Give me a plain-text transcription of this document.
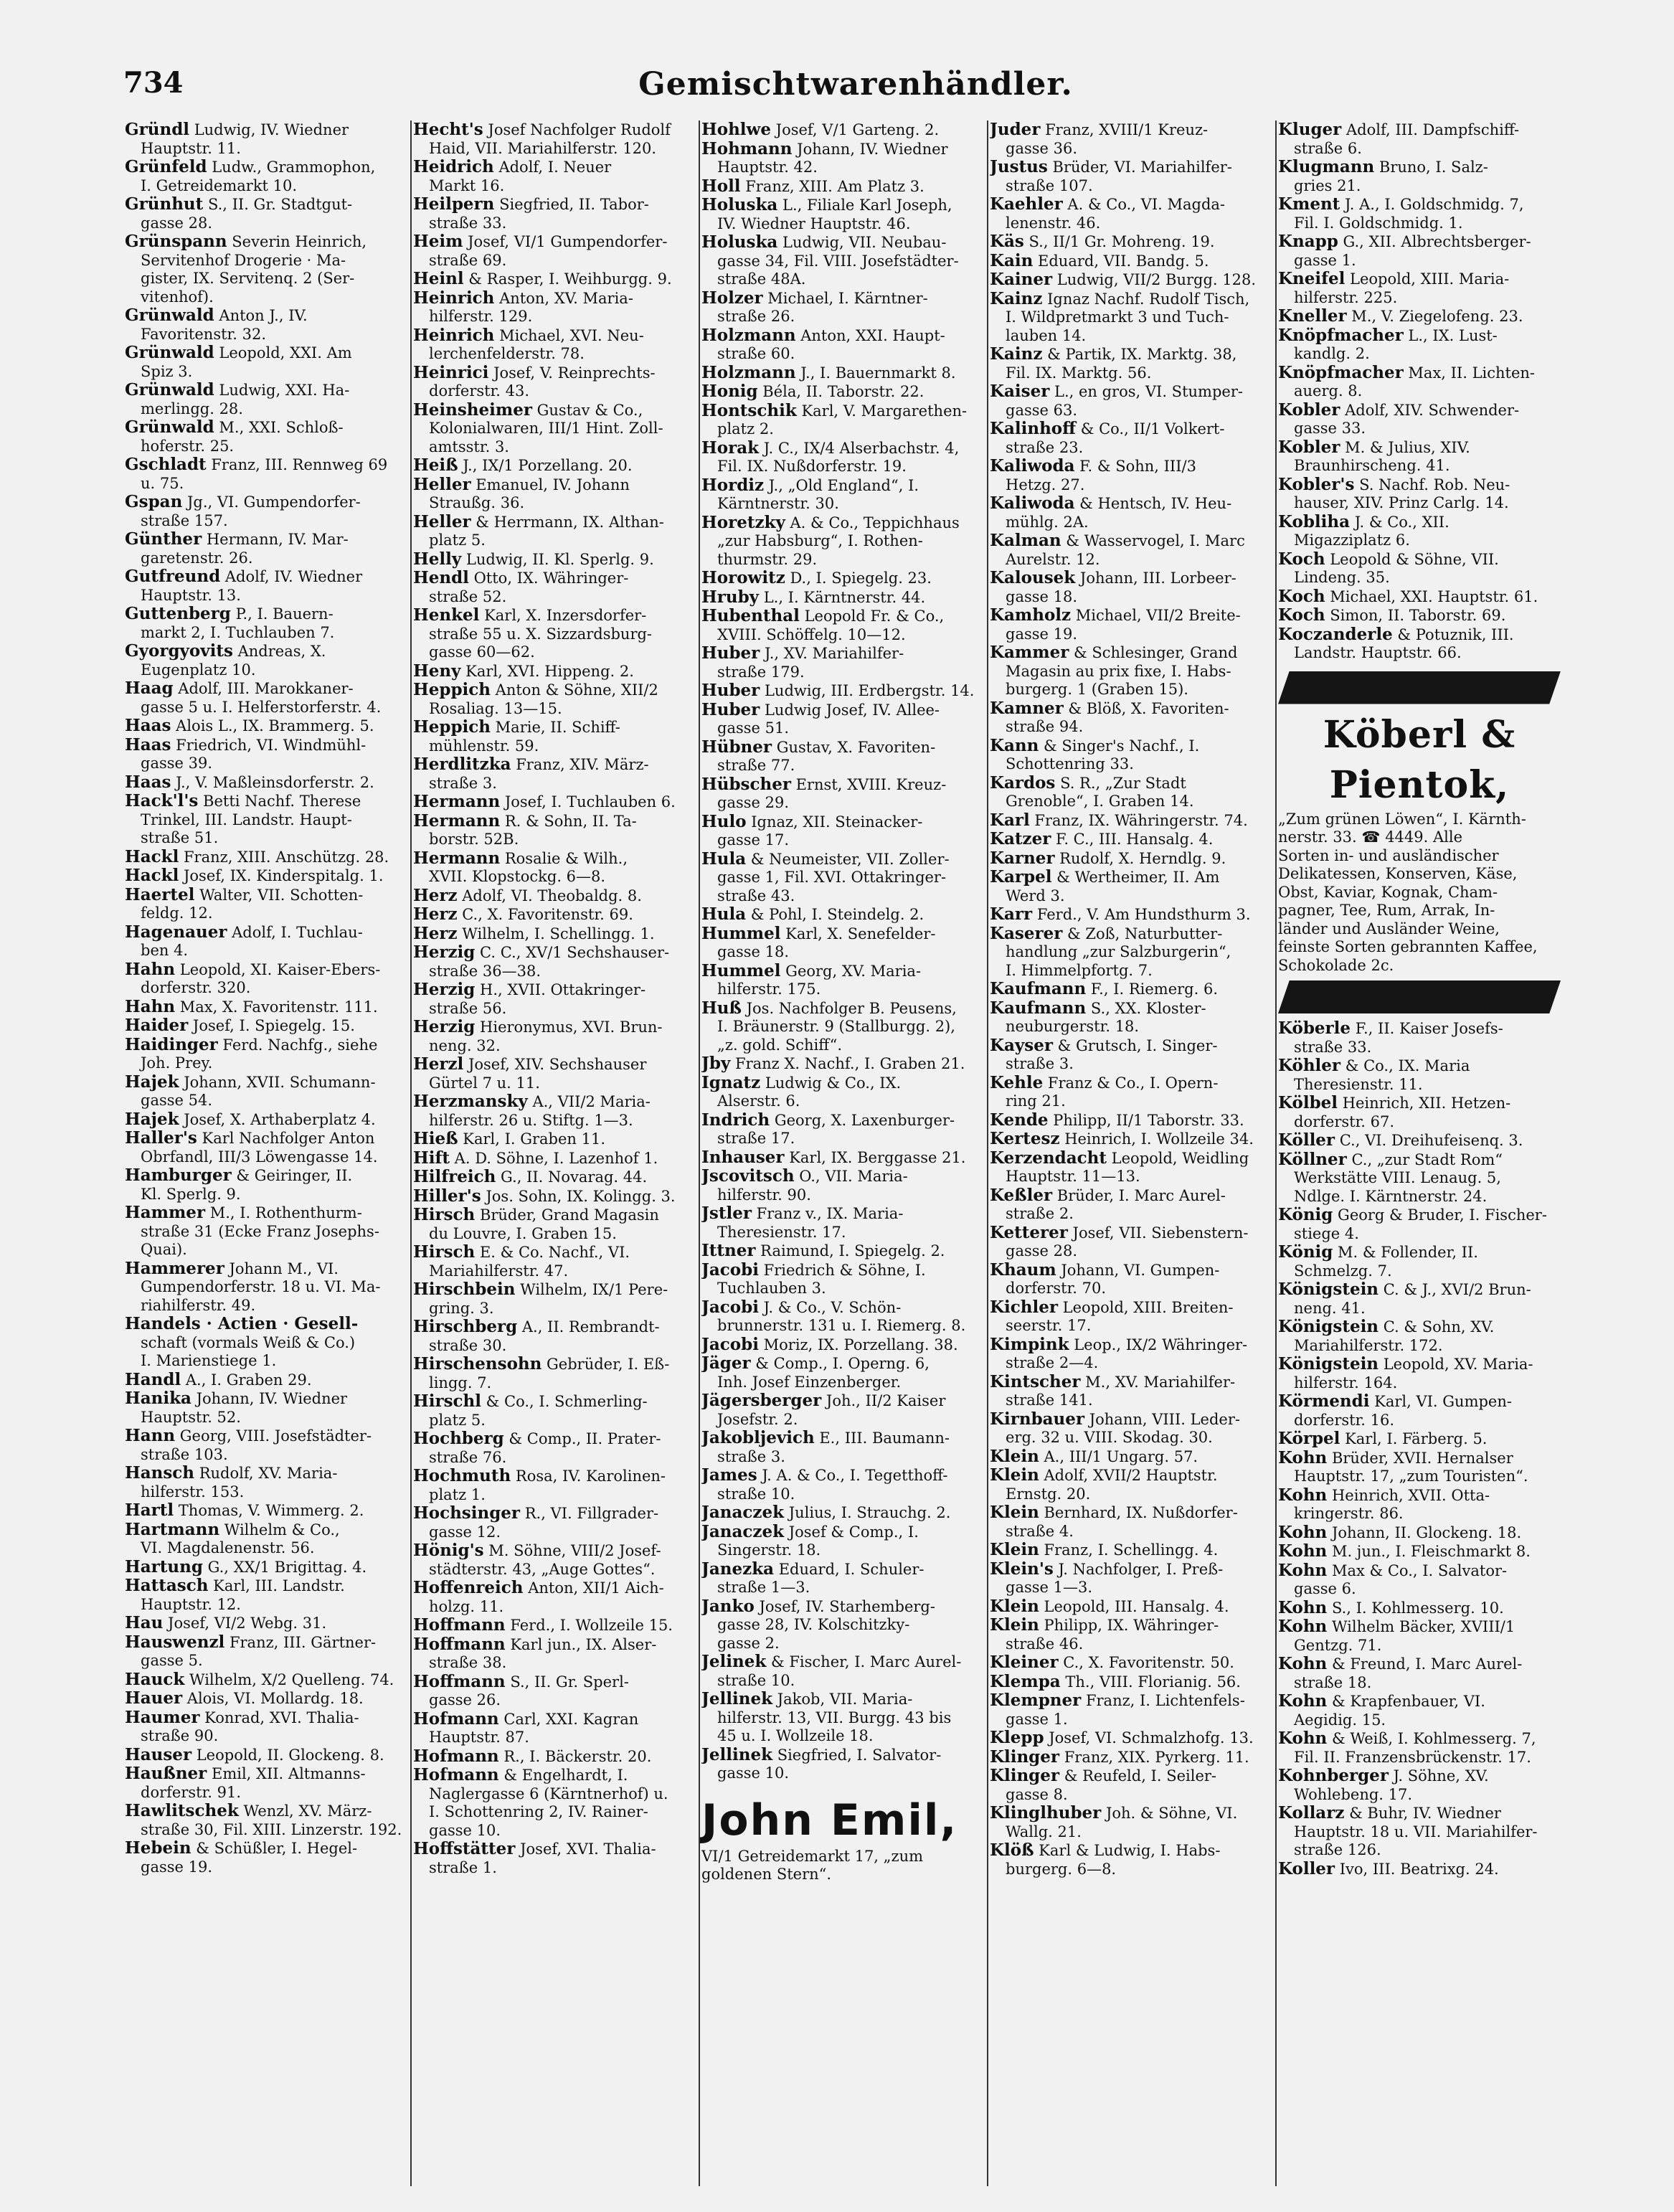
734	Gemischtwarenhändler.

Gründl Ludwig, IV. Wiedner

Hauptstr. 11.

Grünfeld Ludw., Grammophon,

I. Getreidemarkt 10.

Grünhut S., II. Gr. Stadtgut-

gasse 28.

Grünspann Severin Heinrich,

Servitenhof Drogerie · Ma-

gister, IX. Servitenq. 2 (Ser-

vitenhof).

Grünwald Anton J., IV.

Favoritenstr. 32.

Grünwald Leopold, XXI. Am

Spiz 3.

Grünwald Ludwig, XXI. Ha-

merlingg. 28.

Grünwald M., XXI. Schloß-

hoferstr. 25.

Gschladt Franz, III. Rennweg 69

u. 75.

Gspan Jg., VI. Gumpendorfer-

straße 157.

Günther Hermann, IV. Mar-

garetenstr. 26.

Gutfreund Adolf, IV. Wiedner

Hauptstr. 13.

Guttenberg P., I. Bauern-

markt 2, I. Tuchlauben 7.

Gyorgyovits Andreas, X.

Eugenplatz 10.

Haag Adolf, III. Marokkaner-

gasse 5 u. I. Helferstorferstr. 4.

Haas Alois L., IX. Brammerg. 5.

Haas Friedrich, VI. Windmühl-

gasse 39.

Haas J., V. Maßleinsdorferstr. 2.

Hack'l's Betti Nachf. Therese

Trinkel, III. Landstr. Haupt-

straße 51.

Hackl Franz, XIII. Anschützg. 28.

Hackl Josef, IX. Kinderspitalg. 1.

Haertel Walter, VII. Schotten-

feldg. 12.

Hagenauer Adolf, I. Tuchlau-

ben 4.

Hahn Leopold, XI. Kaiser-Ebers-

dorferstr. 320.

Hahn Max, X. Favoritenstr. 111.

Haider Josef, I. Spiegelg. 15.

Haidinger Ferd. Nachfg., siehe

Joh. Prey.

Hajek Johann, XVII. Schumann-

gasse 54.

Hajek Josef, X. Arthaberplatz 4.

Haller's Karl Nachfolger Anton

Obrfandl, III/3 Löwengasse 14.

Hamburger & Geiringer, II.

Kl. Sperlg. 9.

Hammer M., I. Rothenthurm-

straße 31 (Ecke Franz Josephs-

Quai).

Hammerer Johann M., VI.

Gumpendorferstr. 18 u. VI. Ma-

riahilferstr. 49.

Handels · Actien · Gesell-

schaft (vormals Weiß & Co.)

I. Marienstiege 1.

Handl A., I. Graben 29.

Hanika Johann, IV. Wiedner

Hauptstr. 52.

Hann Georg, VIII. Josefstädter-

straße 103.

Hansch Rudolf, XV. Maria-

hilferstr. 153.

Hartl Thomas, V. Wimmerg. 2.

Hartmann Wilhelm & Co.,

VI. Magdalenenstr. 56.

Hartung G., XX/1 Brigittag. 4.

Hattasch Karl, III. Landstr.

Hauptstr. 12.

Hau Josef, VI/2 Webg. 31.

Hauswenzl Franz, III. Gärtner-

gasse 5.

Hauck Wilhelm, X/2 Quelleng. 74.

Hauer Alois, VI. Mollardg. 18.

Haumer Konrad, XVI. Thalia-

straße 90.

Hauser Leopold, II. Glockeng. 8.

Haußner Emil, XII. Altmanns-

dorferstr. 91.

Hawlitschek Wenzl, XV. März-

straße 30, Fil. XIII. Linzerstr. 192.

Hebein & Schüßler, I. Hegel-

gasse 19.

Hecht's Josef Nachfolger Rudolf

Haid, VII. Mariahilferstr. 120.

Heidrich Adolf, I. Neuer

Markt 16.

Heilpern Siegfried, II. Tabor-

straße 33.

Heim Josef, VI/1 Gumpendorfer-

straße 69.

Heinl & Rasper, I. Weihburgg. 9.

Heinrich Anton, XV. Maria-

hilferstr. 129.

Heinrich Michael, XVI. Neu-

lerchenfelderstr. 78.

Heinrici Josef, V. Reinprechts-

dorferstr. 43.

Heinsheimer Gustav & Co.,

Kolonialwaren, III/1 Hint. Zoll-

amtsstr. 3.

Heiß J., IX/1 Porzellang. 20.

Heller Emanuel, IV. Johann

Straußg. 36.

Heller & Herrmann, IX. Althan-

platz 5.

Helly Ludwig, II. Kl. Sperlg. 9.

Hendl Otto, IX. Währinger-

straße 52.

Henkel Karl, X. Inzersdorfer-

straße 55 u. X. Sizzardsburg-

gasse 60—62.

Heny Karl, XVI. Hippeng. 2.

Heppich Anton & Söhne, XII/2

Rosaliag. 13—15.

Heppich Marie, II. Schiff-

mühlenstr. 59.

Herdlitzka Franz, XIV. März-

straße 3.

Hermann Josef, I. Tuchlauben 6.

Hermann R. & Sohn, II. Ta-

borstr. 52B.

Hermann Rosalie & Wilh.,

XVII. Klopstockg. 6—8.

Herz Adolf, VI. Theobaldg. 8.

Herz C., X. Favoritenstr. 69.

Herz Wilhelm, I. Schellingg. 1.

Herzig C. C., XV/1 Sechshauser-

straße 36—38.

Herzig H., XVII. Ottakringer-

straße 56.

Herzig Hieronymus, XVI. Brun-

neng. 32.

Herzl Josef, XIV. Sechshauser

Gürtel 7 u. 11.

Herzmansky A., VII/2 Maria-

hilferstr. 26 u. Stiftg. 1—3.

Hieß Karl, I. Graben 11.

Hift A. D. Söhne, I. Lazenhof 1.

Hilfreich G., II. Novarag. 44.

Hiller's Jos. Sohn, IX. Kolingg. 3.

Hirsch Brüder, Grand Magasin

du Louvre, I. Graben 15.

Hirsch E. & Co. Nachf., VI.

Mariahilferstr. 47.

Hirschbein Wilhelm, IX/1 Pere-

gring. 3.

Hirschberg A., II. Rembrandt-

straße 30.

Hirschensohn Gebrüder, I. Eß-

lingg. 7.

Hirschl & Co., I. Schmerling-

platz 5.

Hochberg & Comp., II. Prater-

straße 76.

Hochmuth Rosa, IV. Karolinen-

platz 1.

Hochsinger R., VI. Fillgrader-

gasse 12.

Hönig's M. Söhne, VIII/2 Josef-

städterstr. 43, „Auge Gottes“.

Hoffenreich Anton, XII/1 Aich-

holzg. 11.

Hoffmann Ferd., I. Wollzeile 15.

Hoffmann Karl jun., IX. Alser-

straße 38.

Hoffmann S., II. Gr. Sperl-

gasse 26.

Hofmann Carl, XXI. Kagran

Hauptstr. 87.

Hofmann R., I. Bäckerstr. 20.

Hofmann & Engelhardt, I.

Naglergasse 6 (Kärntnerhof) u.

I. Schottenring 2, IV. Rainer-

gasse 10.

Hoffstätter Josef, XVI. Thalia-

straße 1.

Hohlwe Josef, V/1 Garteng. 2.

Hohmann Johann, IV. Wiedner

Hauptstr. 42.

Holl Franz, XIII. Am Platz 3.

Holuska L., Filiale Karl Joseph,

IV. Wiedner Hauptstr. 46.

Holuska Ludwig, VII. Neubau-

gasse 34, Fil. VIII. Josefstädter-

straße 48A.

Holzer Michael, I. Kärntner-

straße 26.

Holzmann Anton, XXI. Haupt-

straße 60.

Holzmann J., I. Bauernmarkt 8.

Honig Béla, II. Taborstr. 22.

Hontschik Karl, V. Margarethen-

platz 2.

Horak J. C., IX/4 Alserbachstr. 4,

Fil. IX. Nußdorferstr. 19.

Hordiz J., „Old England“, I.

Kärntnerstr. 30.

Horetzky A. & Co., Teppichhaus

„zur Habsburg“, I. Rothen-

thurmstr. 29.

Horowitz D., I. Spiegelg. 23.

Hruby L., I. Kärntnerstr. 44.

Hubenthal Leopold Fr. & Co.,

XVIII. Schöffelg. 10—12.

Huber J., XV. Mariahilfer-

straße 179.

Huber Ludwig, III. Erdbergstr. 14.

Huber Ludwig Josef, IV. Allee-

gasse 51.

Hübner Gustav, X. Favoriten-

straße 77.

Hübscher Ernst, XVIII. Kreuz-

gasse 29.

Hulo Ignaz, XII. Steinacker-

gasse 17.

Hula & Neumeister, VII. Zoller-

gasse 1, Fil. XVI. Ottakringer-

straße 43.

Hula & Pohl, I. Steindelg. 2.

Hummel Karl, X. Senefelder-

gasse 18.

Hummel Georg, XV. Maria-

hilferstr. 175.

Huß Jos. Nachfolger B. Peusens,

I. Bräunerstr. 9 (Stallburgg. 2),

„z. gold. Schiff“.

Jby Franz X. Nachf., I. Graben 21.

Ignatz Ludwig & Co., IX.

Alserstr. 6.

Indrich Georg, X. Laxenburger-

straße 17.

Inhauser Karl, IX. Berggasse 21.

Jscovitsch O., VII. Maria-

hilferstr. 90.

Jstler Franz v., IX. Maria-

Theresienstr. 17.

Ittner Raimund, I. Spiegelg. 2.

Jacobi Friedrich & Söhne, I.

Tuchlauben 3.

Jacobi J. & Co., V. Schön-

brunnerstr. 131 u. I. Riemerg. 8.

Jacobi Moriz, IX. Porzellang. 38.

Jäger & Comp., I. Operng. 6,

Inh. Josef Einzenberger.

Jägersberger Joh., II/2 Kaiser

Josefstr. 2.

Jakobljevich E., III. Baumann-

straße 3.

James J. A. & Co., I. Tegetthoff-

straße 10.

Janaczek Julius, I. Strauchg. 2.

Janaczek Josef & Comp., I.

Singerstr. 18.

Janezka Eduard, I. Schuler-

straße 1—3.

Janko Josef, IV. Starhemberg-

gasse 28, IV. Kolschitzky-

gasse 2.

Jelinek & Fischer, I. Marc Aurel-

straße 10.

Jellinek Jakob, VII. Maria-

hilferstr. 13, VII. Burgg. 43 bis

45 u. I. Wollzeile 18.

Jellinek Siegfried, I. Salvator-

gasse 10.

John Emil,
VI/1 Getreidemarkt 17, „zum
goldenen Stern“.

Juder Franz, XVIII/1 Kreuz-

gasse 36.

Justus Brüder, VI. Mariahilfer-

straße 107.

Kaehler A. & Co., VI. Magda-

lenenstr. 46.

Käs S., II/1 Gr. Mohreng. 19.

Kain Eduard, VII. Bandg. 5.

Kainer Ludwig, VII/2 Burgg. 128.

Kainz Ignaz Nachf. Rudolf Tisch,

I. Wildpretmarkt 3 und Tuch-

lauben 14.

Kainz & Partik, IX. Marktg. 38,

Fil. IX. Marktg. 56.

Kaiser L., en gros, VI. Stumper-

gasse 63.

Kalinhoff & Co., II/1 Volkert-

straße 23.

Kaliwoda F. & Sohn, III/3

Hetzg. 27.

Kaliwoda & Hentsch, IV. Heu-

mühlg. 2A.

Kalman & Wasservogel, I. Marc

Aurelstr. 12.

Kalousek Johann, III. Lorbeer-

gasse 18.

Kamholz Michael, VII/2 Breite-

gasse 19.

Kammer & Schlesinger, Grand

Magasin au prix fixe, I. Habs-

burgerg. 1 (Graben 15).

Kamner & Blöß, X. Favoriten-

straße 94.

Kann & Singer's Nachf., I.

Schottenring 33.

Kardos S. R., „Zur Stadt

Grenoble“, I. Graben 14.

Karl Franz, IX. Währingerstr. 74.

Katzer F. C., III. Hansalg. 4.

Karner Rudolf, X. Herndlg. 9.

Karpel & Wertheimer, II. Am

Werd 3.

Karr Ferd., V. Am Hundsthurm 3.

Kaserer & Zoß, Naturbutter-

handlung „zur Salzburgerin“,

I. Himmelpfortg. 7.

Kaufmann F., I. Riemerg. 6.

Kaufmann S., XX. Kloster-

neuburgerstr. 18.

Kayser & Grutsch, I. Singer-

straße 3.

Kehle Franz & Co., I. Opern-

ring 21.

Kende Philipp, II/1 Taborstr. 33.

Kertesz Heinrich, I. Wollzeile 34.

Kerzendacht Leopold, Weidling

Hauptstr. 11—13.

Keßler Brüder, I. Marc Aurel-

straße 2.

Ketterer Josef, VII. Siebenstern-

gasse 28.

Khaum Johann, VI. Gumpen-

dorferstr. 70.

Kichler Leopold, XIII. Breiten-

seerstr. 17.

Kimpink Leop., IX/2 Währinger-

straße 2—4.

Kintscher M., XV. Mariahilfer-

straße 141.

Kirnbauer Johann, VIII. Leder-

erg. 32 u. VIII. Skodag. 30.

Klein A., III/1 Ungarg. 57.

Klein Adolf, XVII/2 Hauptstr.

Ernstg. 20.

Klein Bernhard, IX. Nußdorfer-

straße 4.

Klein Franz, I. Schellingg. 4.

Klein's J. Nachfolger, I. Preß-

gasse 1—3.

Klein Leopold, III. Hansalg. 4.

Klein Philipp, IX. Währinger-

straße 46.

Kleiner C., X. Favoritenstr. 50.

Klempa Th., VIII. Florianig. 56.

Klempner Franz, I. Lichtenfels-

gasse 1.

Klepp Josef, VI. Schmalzhofg. 13.

Klinger Franz, XIX. Pyrkerg. 11.

Klinger & Reufeld, I. Seiler-

gasse 8.

Klinglhuber Joh. & Söhne, VI.

Wallg. 21.

Klöß Karl & Ludwig, I. Habs-

burgerg. 6—8.

Kluger Adolf, III. Dampfschiff-

straße 6.

Klugmann Bruno, I. Salz-

gries 21.

Kment J. A., I. Goldschmidg. 7,

Fil. I. Goldschmidg. 1.

Knapp G., XII. Albrechtsberger-

gasse 1.

Kneifel Leopold, XIII. Maria-

hilferstr. 225.

Kneller M., V. Ziegelofeng. 23.

Knöpfmacher L., IX. Lust-

kandlg. 2.

Knöpfmacher Max, II. Lichten-

auerg. 8.

Kobler Adolf, XIV. Schwender-

gasse 33.

Kobler M. & Julius, XIV.

Braunhirscheng. 41.

Kobler's S. Nachf. Rob. Neu-

hauser, XIV. Prinz Carlg. 14.

Kobliha J. & Co., XII.

Migazziplatz 6.

Koch Leopold & Söhne, VII.

Lindeng. 35.

Koch Michael, XXI. Hauptstr. 61.

Koch Simon, II. Taborstr. 69.

Koczanderle & Potuznik, III.

Landstr. Hauptstr. 66.

Köberl & Pientok,
„Zum grünen Löwen“, I. Kärnth-
nerstr. 33. ☎ 4449. Alle
Sorten in- und ausländischer
Delikatessen, Konserven, Käse,
Obst, Kaviar, Kognak, Cham-
pagner, Tee, Rum, Arrak, In-
länder und Ausländer Weine,
feinste Sorten gebrannten Kaffee,
Schokolade 2c.

Köberle F., II. Kaiser Josefs-

straße 33.

Köhler & Co., IX. Maria

Theresienstr. 11.

Kölbel Heinrich, XII. Hetzen-

dorferstr. 67.

Köller C., VI. Dreihufeisenq. 3.

Köllner C., „zur Stadt Rom“

Werkstätte VIII. Lenaug. 5,

Ndlge. I. Kärntnerstr. 24.

König Georg & Bruder, I. Fischer-

stiege 4.

König M. & Follender, II.

Schmelzg. 7.

Königstein C. & J., XVI/2 Brun-

neng. 41.

Königstein C. & Sohn, XV.

Mariahilferstr. 172.

Königstein Leopold, XV. Maria-

hilferstr. 164.

Körmendi Karl, VI. Gumpen-

dorferstr. 16.

Körpel Karl, I. Färberg. 5.

Kohn Brüder, XVII. Hernalser

Hauptstr. 17, „zum Touristen“.

Kohn Heinrich, XVII. Otta-

kringerstr. 86.

Kohn Johann, II. Glockeng. 18.

Kohn M. jun., I. Fleischmarkt 8.

Kohn Max & Co., I. Salvator-

gasse 6.

Kohn S., I. Kohlmesserg. 10.

Kohn Wilhelm Bäcker, XVIII/1

Gentzg. 71.

Kohn & Freund, I. Marc Aurel-

straße 18.

Kohn & Krapfenbauer, VI.

Aegidig. 15.

Kohn & Weiß, I. Kohlmesserg. 7,

Fil. II. Franzensbrückenstr. 17.

Kohnberger J. Söhne, XV.

Wohlebeng. 17.

Kollarz & Buhr, IV. Wiedner

Hauptstr. 18 u. VII. Mariahilfer-

straße 126.

Koller Ivo, III. Beatrixg. 24.
